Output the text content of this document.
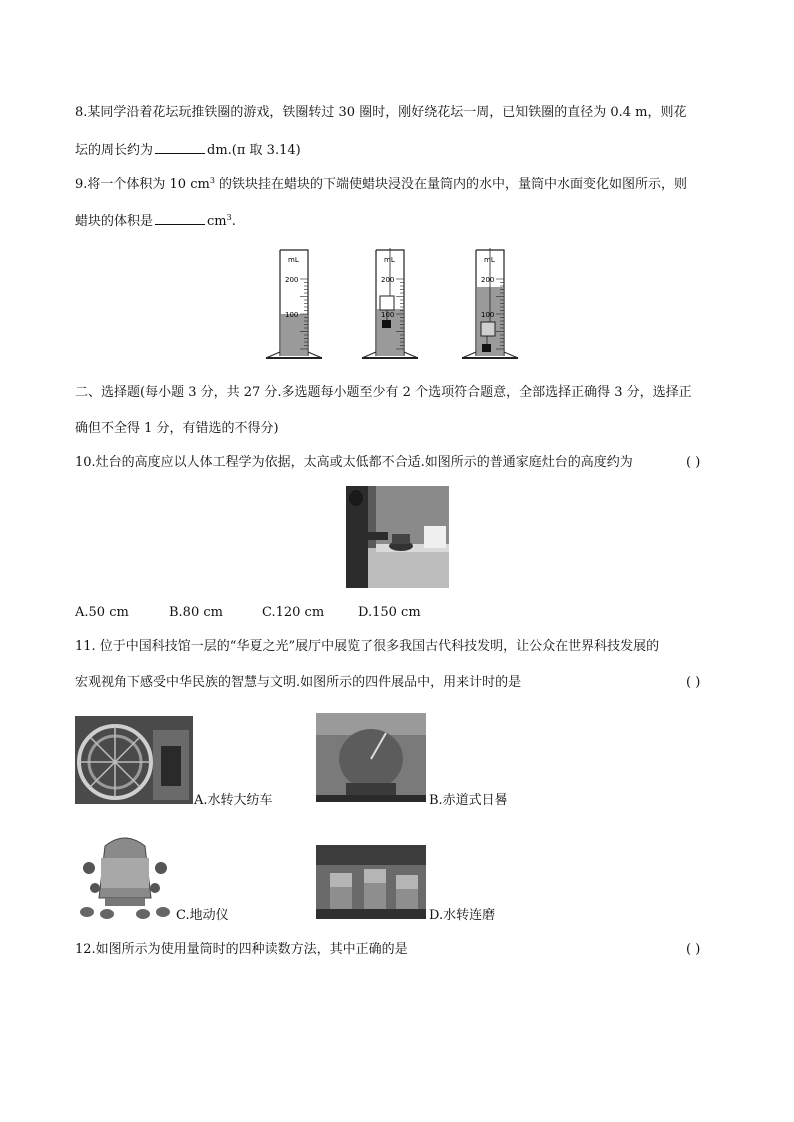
8.某同学沿着花坛玩推铁圈的游戏，铁圈转过 30 圈时，刚好绕花坛一周，已知铁圈的直径为 0.4 m，则花
坛的周长约为	dm.(π 取 3.14)
9.将一个体积为 10 $cm^3$ 的铁块挂在蜡块的下端使蜡块浸没在量筒内的水中，量筒中水面变化如图所示，则
蜡块的体积是	$cm^3$.
mL
200
100
mL
200
100
mL
200
100
二、选择题(每小题 3 分，共 27 分.多选题每小题至少有 2 个选项符合题意，全部选择正确得 3 分，选择正
确但不全得 1 分，有错选的不得分)
10.灶台的高度应以人体工程学为依据，太高或太低都不合适.如图所示的普通家庭灶台的高度约为	( )
A.50 cm	B.80 cm	C.120 cm	D.150 cm
11. 位于中国科技馆一层的“华夏之光”展厅中展览了很多我国古代科技发明，让公众在世界科技发展的
宏观视角下感受中华民族的智慧与文明.如图所示的四件展品中，用来计时的是	( )
A.水转大纺车	B.赤道式日晷
C.地动仪	D.水转连磨
12.如图所示为使用量筒时的四种读数方法，其中正确的是	( )
